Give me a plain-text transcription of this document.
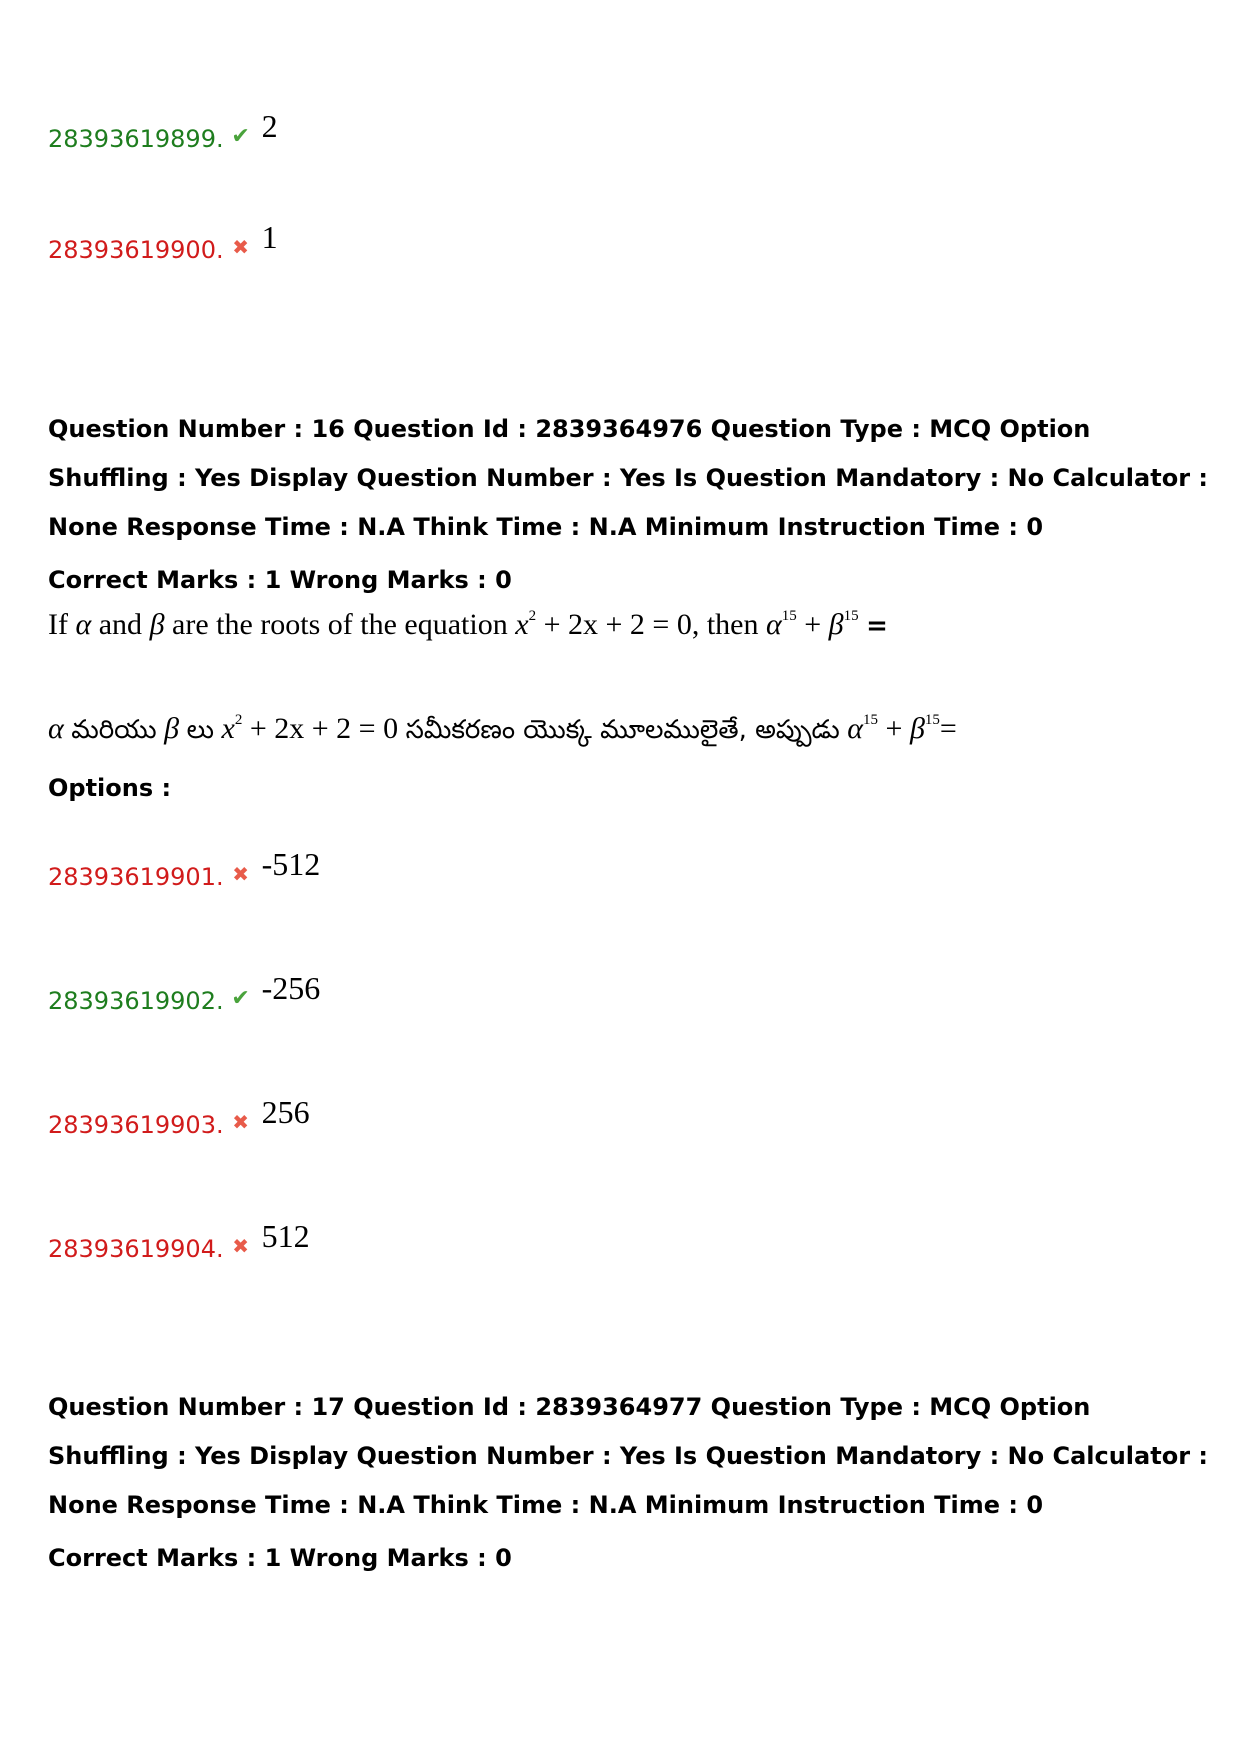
28393619899. ✔ 2
28393619900. ✖ 1
Question Number : 16 Question Id : 2839364976 Question Type : MCQ Option Shuffling : Yes Display Question Number : Yes Is Question Mandatory : No Calculator : None Response Time : N.A Think Time : N.A Minimum Instruction Time : 0
Correct Marks : 1 Wrong Marks : 0
If α and β are the roots of the equation $x^2 + 2x + 2 = 0$, then $\alpha^{15} + \beta^{15}$ =
α మరియు β లు $x^2 + 2x + 2 = 0$ సమీకరణం యొక్క మూలములైతే, అప్పుడు $\alpha^{15} + \beta^{15}=$
Options :
28393619901. ✖ -512
28393619902. ✔ -256
28393619903. ✖ 256
28393619904. ✖ 512
Question Number : 17 Question Id : 2839364977 Question Type : MCQ Option Shuffling : Yes Display Question Number : Yes Is Question Mandatory : No Calculator : None Response Time : N.A Think Time : N.A Minimum Instruction Time : 0
Correct Marks : 1 Wrong Marks : 0
